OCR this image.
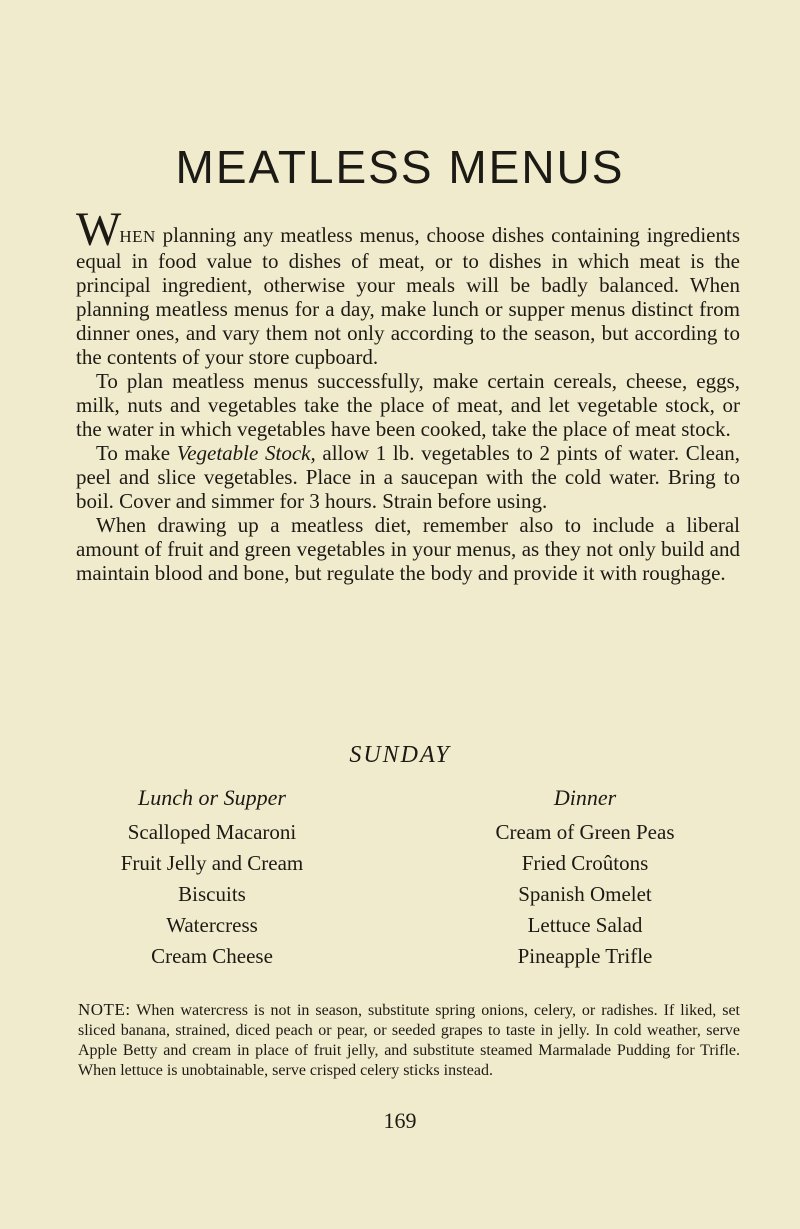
MEATLESS MENUS

WHEN planning any meatless menus, choose dishes containing ingredients equal in food value to dishes of meat, or to dishes in which meat is the principal ingredient, otherwise your meals will be badly balanced. When planning meatless menus for a day, make lunch or supper menus distinct from dinner ones, and vary them not only according to the season, but according to the contents of your store cupboard.

To plan meatless menus successfully, make certain cereals, cheese, eggs, milk, nuts and vegetables take the place of meat, and let vegetable stock, or the water in which vegetables have been cooked, take the place of meat stock.

To make Vegetable Stock, allow 1 lb. vegetables to 2 pints of water. Clean, peel and slice vegetables. Place in a saucepan with the cold water. Bring to boil. Cover and simmer for 3 hours. Strain before using.

When drawing up a meatless diet, remember also to include a liberal amount of fruit and green vegetables in your menus, as they not only build and maintain blood and bone, but regulate the body and provide it with roughage.

SUNDAY
Lunch or Supper
Scalloped Macaroni
Fruit Jelly and Cream
Biscuits
Watercress
Cream Cheese
Dinner
Cream of Green Peas
Fried Croûtons
Spanish Omelet
Lettuce Salad
Pineapple Trifle
NOTE: When watercress is not in season, substitute spring onions, celery, or radishes. If liked, set sliced banana, strained, diced peach or pear, or seeded grapes to taste in jelly. In cold weather, serve Apple Betty and cream in place of fruit jelly, and substitute steamed Marmalade Pudding for Trifle. When lettuce is unobtainable, serve crisped celery sticks instead.
169
